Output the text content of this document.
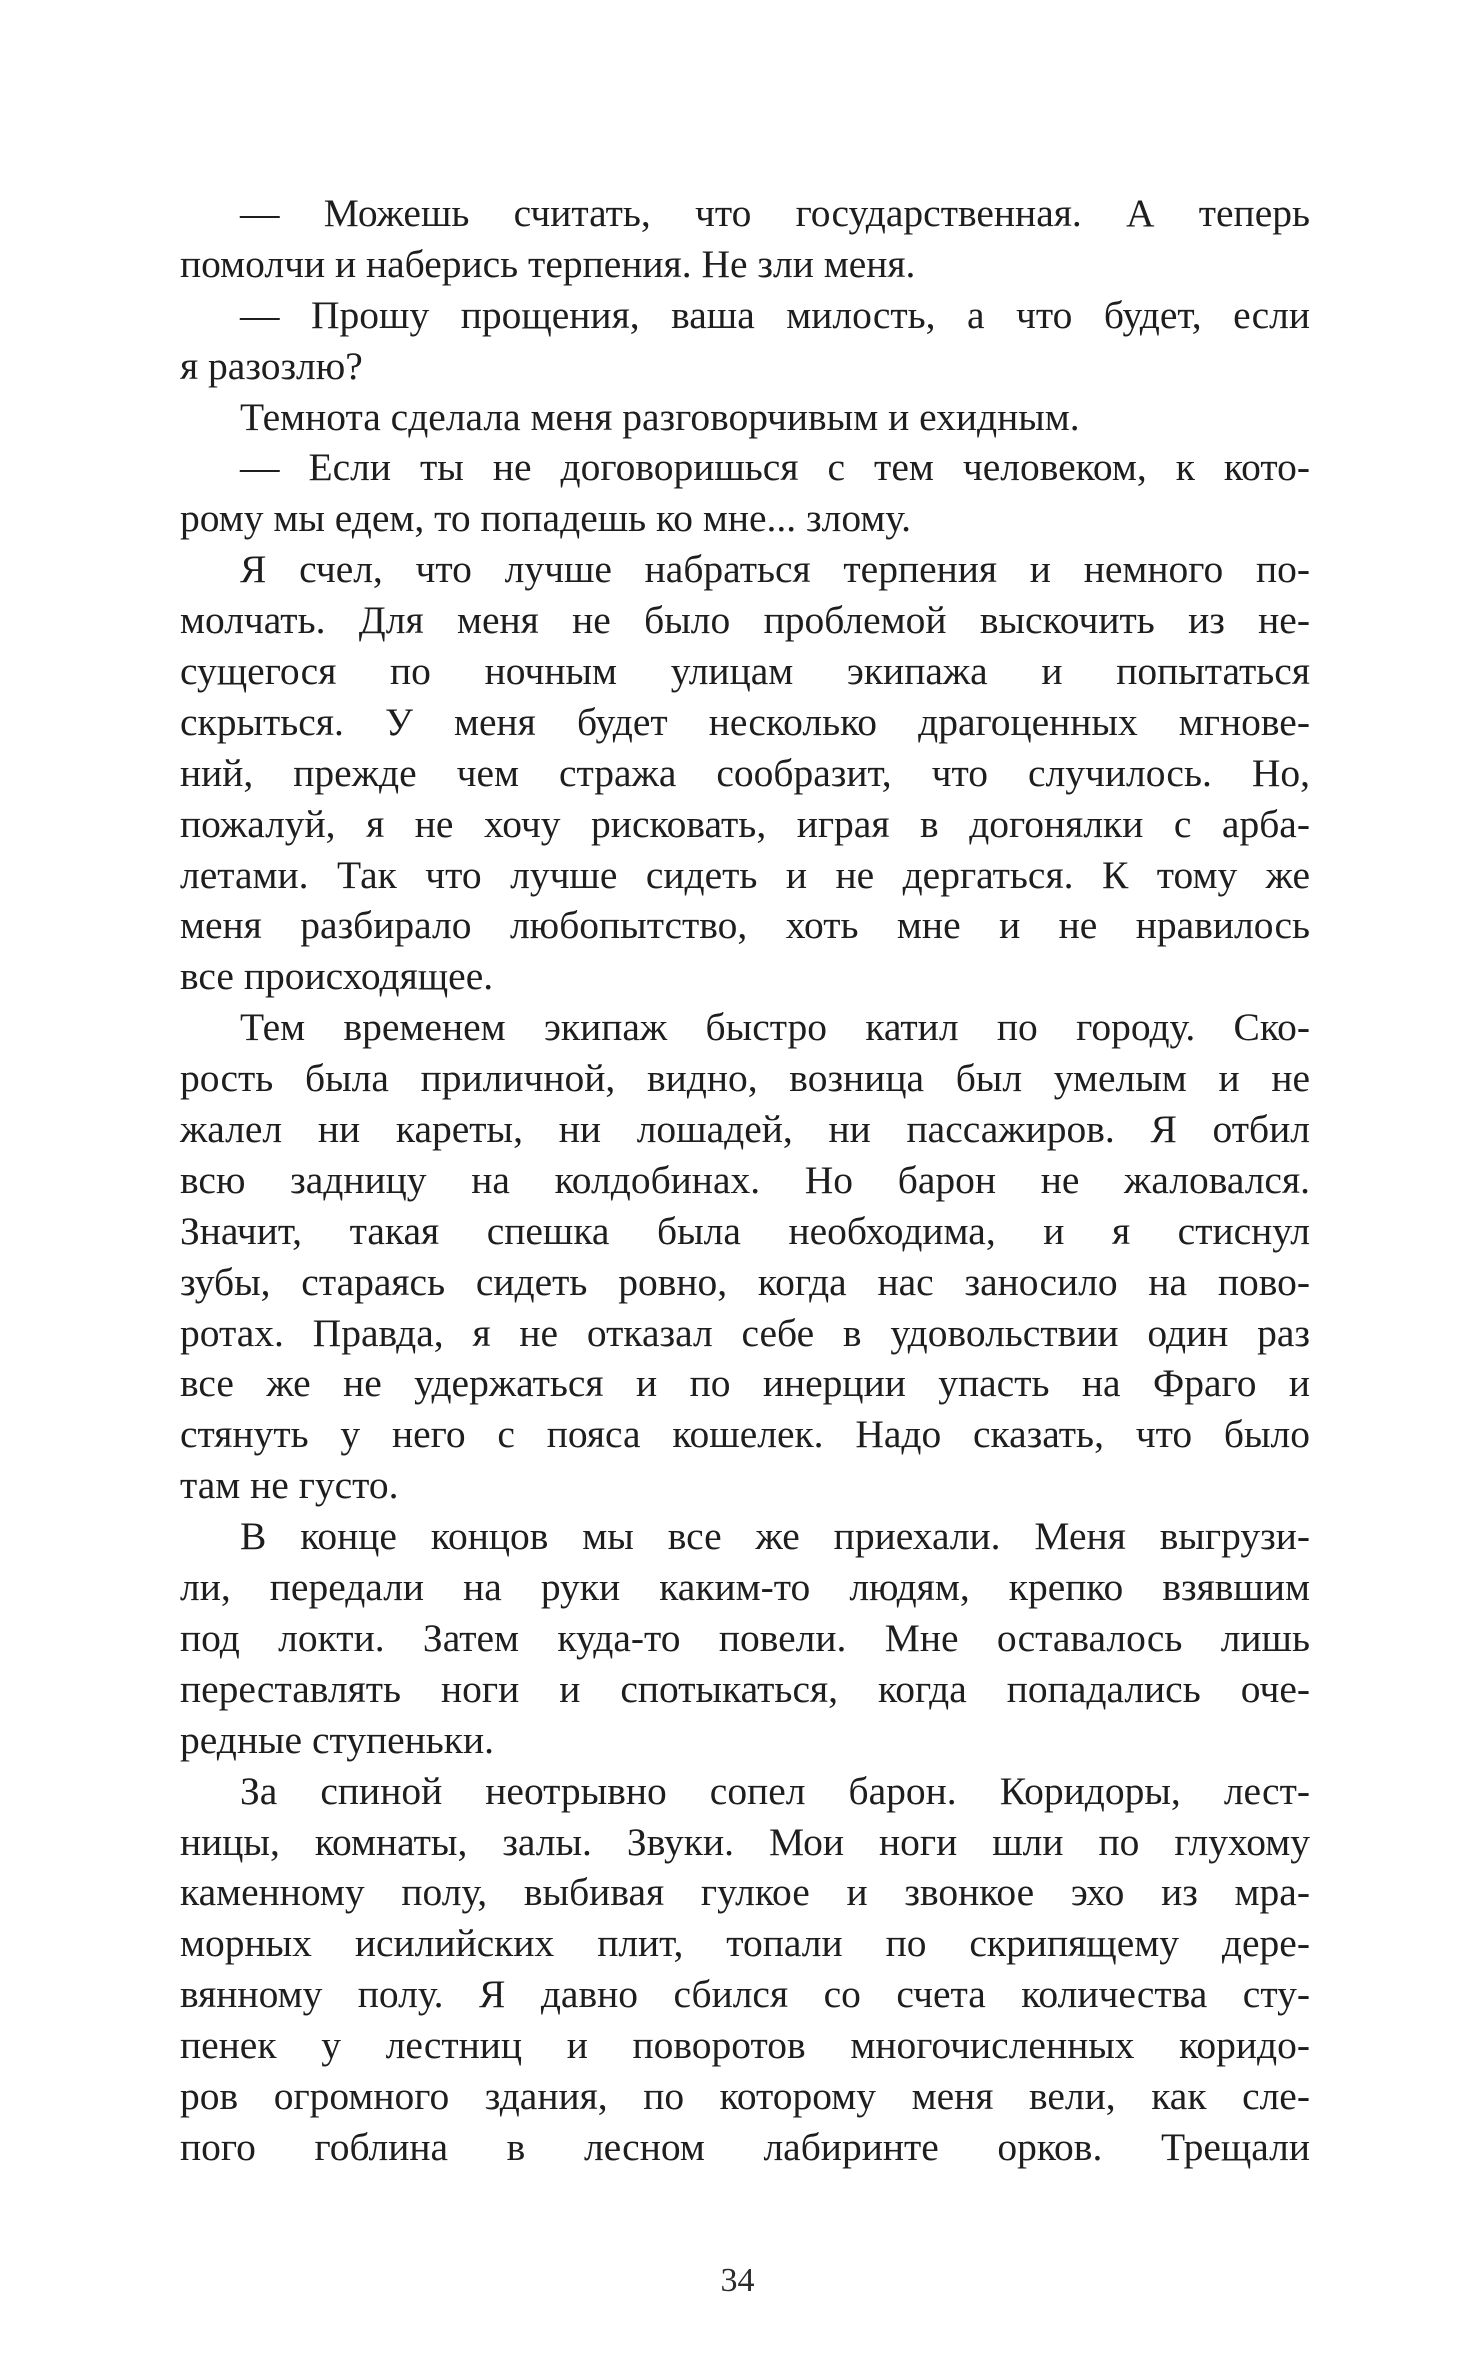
— Можешь считать, что государственная. А теперь
помолчи и наберись терпения. Не зли меня.
— Прошу прощения, ваша милость, а что будет, если
я разозлю?
Темнота сделала меня разговорчивым и ехидным.
— Если ты не договоришься с тем человеком, к кото-
рому мы едем, то попадешь ко мне... злому.
Я счел, что лучше набраться терпения и немного по-
молчать. Для меня не было проблемой выскочить из не-
сущегося по ночным улицам экипажа и попытаться
скрыться. У меня будет несколько драгоценных мгнове-
ний, прежде чем стража сообразит, что случилось. Но,
пожалуй, я не хочу рисковать, играя в догонялки с арба-
летами. Так что лучше сидеть и не дергаться. К тому же
меня разбирало любопытство, хоть мне и не нравилось
все происходящее.
Тем временем экипаж быстро катил по городу. Ско-
рость была приличной, видно, возница был умелым и не
жалел ни кареты, ни лошадей, ни пассажиров. Я отбил
всю задницу на колдобинах. Но барон не жаловался.
Значит, такая спешка была необходима, и я стиснул
зубы, стараясь сидеть ровно, когда нас заносило на пово-
ротах. Правда, я не отказал себе в удовольствии один раз
все же не удержаться и по инерции упасть на Фраго и
стянуть у него с пояса кошелек. Надо сказать, что было
там не густо.
В конце концов мы все же приехали. Меня выгрузи-
ли, передали на руки каким-то людям, крепко взявшим
под локти. Затем куда-то повели. Мне оставалось лишь
переставлять ноги и спотыкаться, когда попадались оче-
редные ступеньки.
За спиной неотрывно сопел барон. Коридоры, лест-
ницы, комнаты, залы. Звуки. Мои ноги шли по глухому
каменному полу, выбивая гулкое и звонкое эхо из мра-
морных исилийских плит, топали по скрипящему дере-
вянному полу. Я давно сбился со счета количества сту-
пенек у лестниц и поворотов многочисленных коридо-
ров огромного здания, по которому меня вели, как сле-
пого гоблина в лесном лабиринте орков. Трещали
34
